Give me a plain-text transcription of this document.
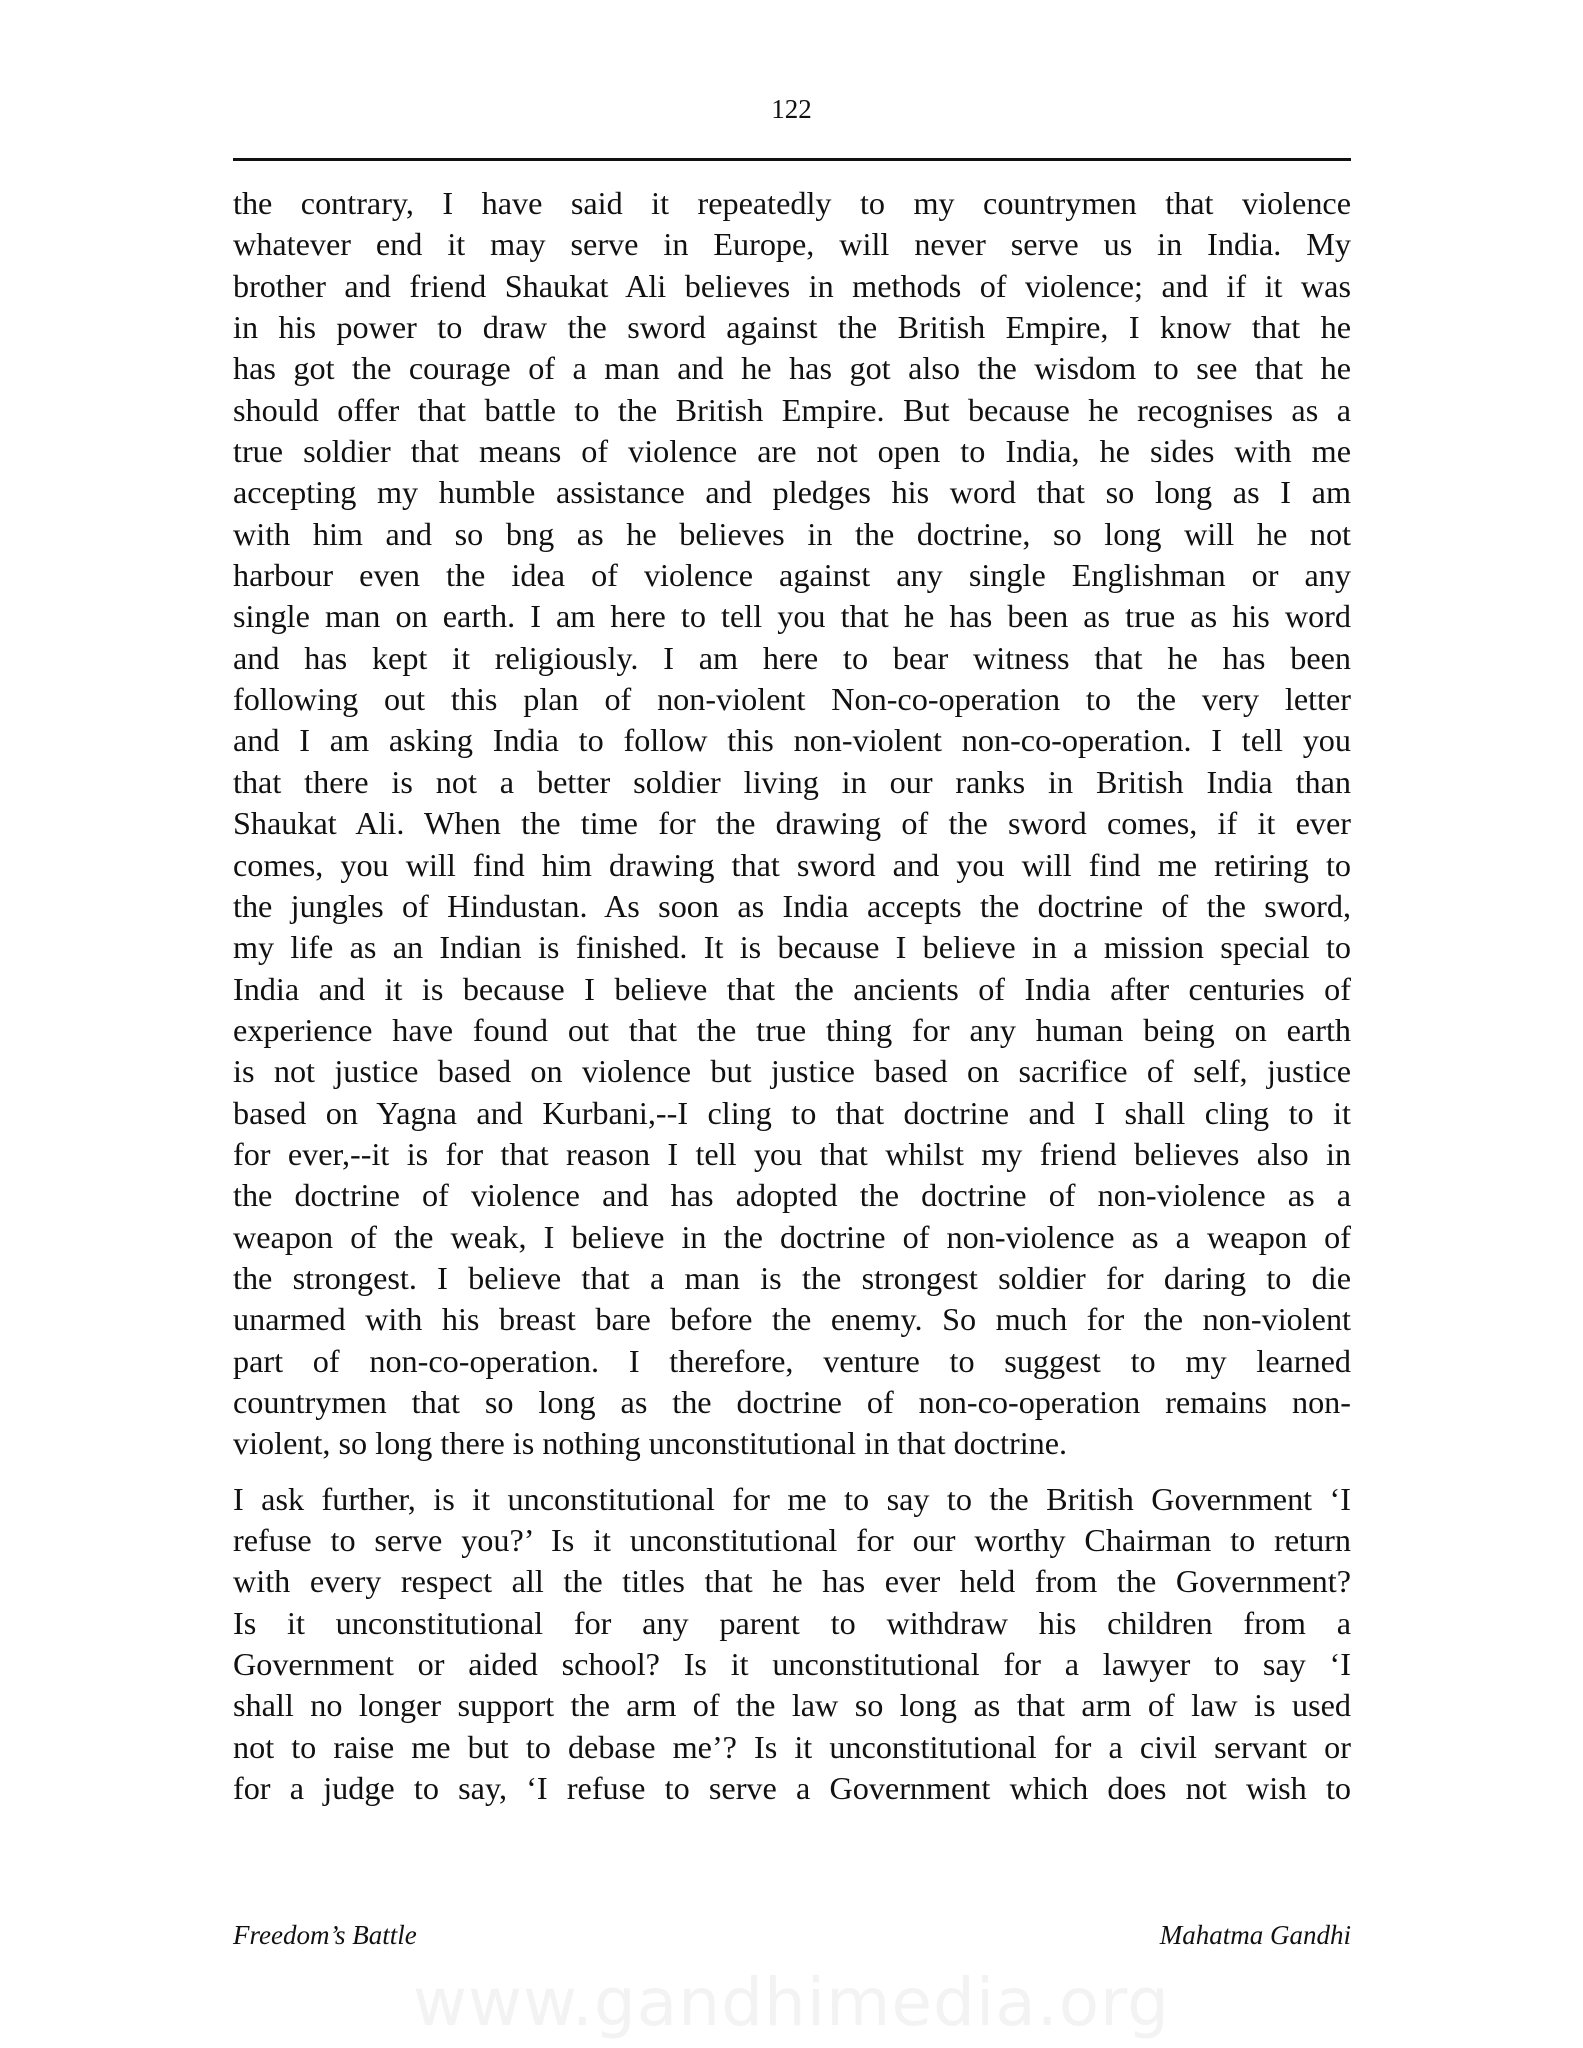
122

the contrary, I have said it repeatedly to my countrymen that violence

whatever end it may serve in Europe, will never serve us in India. My

brother and friend Shaukat Ali believes in methods of violence; and if it was

in his power to draw the sword against the British Empire, I know that he

has got the courage of a man and he has got also the wisdom to see that he

should offer that battle to the British Empire. But because he recognises as a

true soldier that means of violence are not open to India, he sides with me

accepting my humble assistance and pledges his word that so long as I am

with him and so bng as he believes in the doctrine, so long will he not

harbour even the idea of violence against any single Englishman or any

single man on earth. I am here to tell you that he has been as true as his word

and has kept it religiously. I am here to bear witness that he has been

following out this plan of non-violent Non-co-operation to the very letter

and I am asking India to follow this non-violent non-co-operation. I tell you

that there is not a better soldier living in our ranks in British India than

Shaukat Ali. When the time for the drawing of the sword comes, if it ever

comes, you will find him drawing that sword and you will find me retiring to

the jungles of Hindustan. As soon as India accepts the doctrine of the sword,

my life as an Indian is finished. It is because I believe in a mission special to

India and it is because I believe that the ancients of India after centuries of

experience have found out that the true thing for any human being on earth

is not justice based on violence but justice based on sacrifice of self, justice

based on Yagna and Kurbani,--I cling to that doctrine and I shall cling to it

for ever,--it is for that reason I tell you that whilst my friend believes also in

the doctrine of violence and has adopted the doctrine of non-violence as a

weapon of the weak, I believe in the doctrine of non-violence as a weapon of

the strongest. I believe that a man is the strongest soldier for daring to die

unarmed with his breast bare before the enemy. So much for the non-violent

part of non-co-operation. I therefore, venture to suggest to my learned

countrymen that so long as the doctrine of non-co-operation remains non-

violent, so long there is nothing unconstitutional in that doctrine.

I ask further, is it unconstitutional for me to say to the British Government ‘I

refuse to serve you?’ Is it unconstitutional for our worthy Chairman to return

with every respect all the titles that he has ever held from the Government?

Is it unconstitutional for any parent to withdraw his children from a

Government or aided school? Is it unconstitutional for a lawyer to say ‘I

shall no longer support the arm of the law so long as that arm of law is used

not to raise me but to debase me’? Is it unconstitutional for a civil servant or

for a judge to say, ‘I refuse to serve a Government which does not wish to

Freedom’s Battle	Mahatma Gandhi
www.gandhimedia.org
